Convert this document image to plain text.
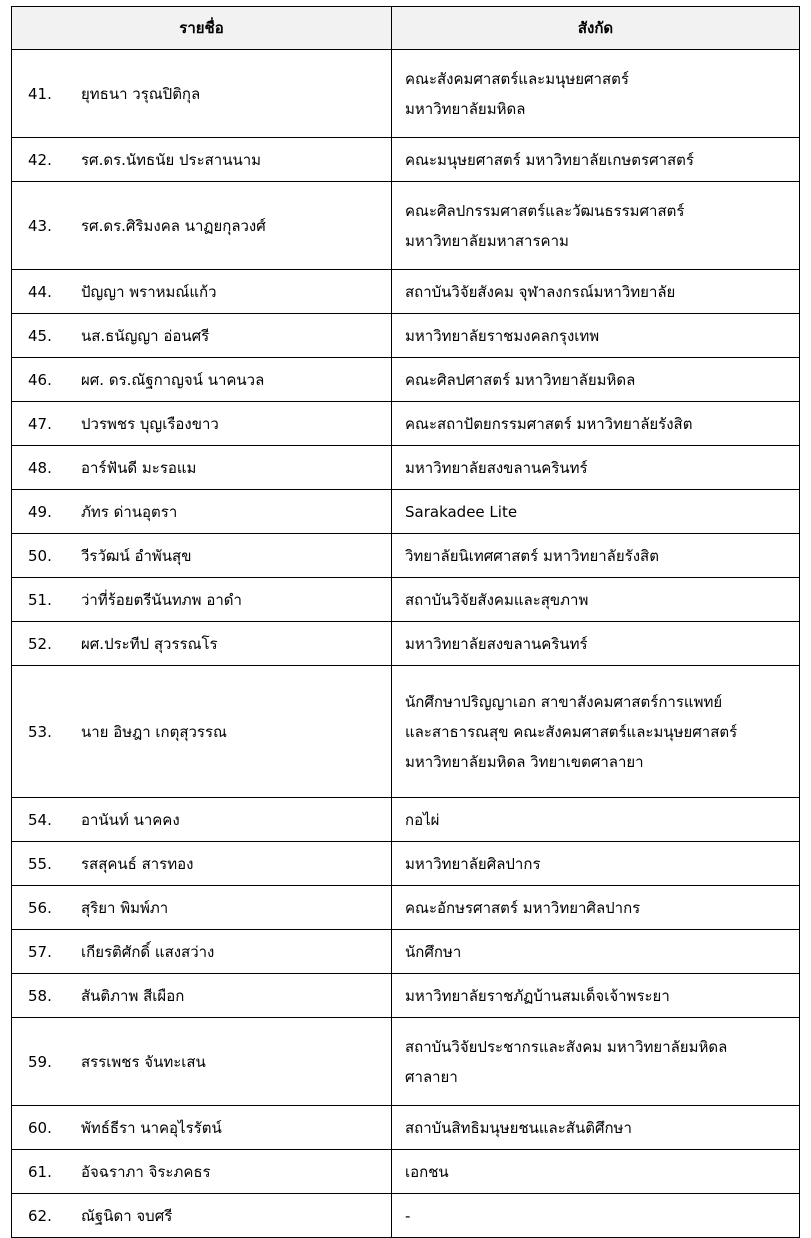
รายชื่อ	สังกัด
41. ยุทธนา วรุณปิติกุล	คณะสังคมศาสตร์และมนุษยศาสตร์
มหาวิทยาลัยมหิดล

42. รศ.ดร.นัทธนัย ประสานนาม	คณะมนุษยศาสตร์ มหาวิทยาลัยเกษตรศาสตร์

43. รศ.ดร.ศิริมงคล นาฏยกุลวงศ์	คณะศิลปกรรมศาสตร์และวัฒนธรรมศาสตร์
มหาวิทยาลัยมหาสารคาม

44. ปัญญา พราหมณ์แก้ว	สถาบันวิจัยสังคม จุฬาลงกรณ์มหาวิทยาลัย

45. นส.ธนัญญา อ่อนศรี	มหาวิทยาลัยราชมงคลกรุงเทพ

46. ผศ. ดร.ณัฐกาญจน์ นาคนวล	คณะศิลปศาสตร์ มหาวิทยาลัยมหิดล

47. ปวรพชร บุญเรืองขาว	คณะสถาปัตยกรรมศาสตร์ มหาวิทยาลัยรังสิต

48. อาร์ฟันดี มะรอแม	มหาวิทยาลัยสงขลานครินทร์

49. ภัทร ด่านอุตรา	Sarakadee Lite

50. วีรวัฒน์ อำพันสุข	วิทยาลัยนิเทศศาสตร์ มหาวิทยาลัยรังสิต

51. ว่าที่ร้อยตรีนันทภพ อาดำ	สถาบันวิจัยสังคมและสุขภาพ

52. ผศ.ประทีป สุวรรณโร	มหาวิทยาลัยสงขลานครินทร์

53. นาย อิษฎา เกตุสุวรรณ	นักศึกษาปริญญาเอก สาขาสังคมศาสตร์การแพทย์
และสาธารณสุข คณะสังคมศาสตร์และมนุษยศาสตร์
มหาวิทยาลัยมหิดล วิทยาเขตศาลายา

54. อานันท์ นาคคง	กอไผ่

55. รสสุคนธ์ สารทอง	มหาวิทยาลัยศิลปากร

56. สุริยา พิมพ์ภา	คณะอักษรศาสตร์ มหาวิทยาศิลปากร

57. เกียรติศักดิ์ แสงสว่าง	นักศึกษา

58. สันติภาพ สีเผือก	มหาวิทยาลัยราชภัฏบ้านสมเด็จเจ้าพระยา

59. สรรเพชร จันทะเสน	สถาบันวิจัยประชากรและสังคม มหาวิทยาลัยมหิดล
ศาลายา

60. พัทธ์ธีรา นาคอุไรรัตน์	สถาบันสิทธิมนุษยชนและสันติศึกษา

61. อัจฉราภา จิระภคธร	เอกชน

62. ณัฐนิดา จบศรี	-
